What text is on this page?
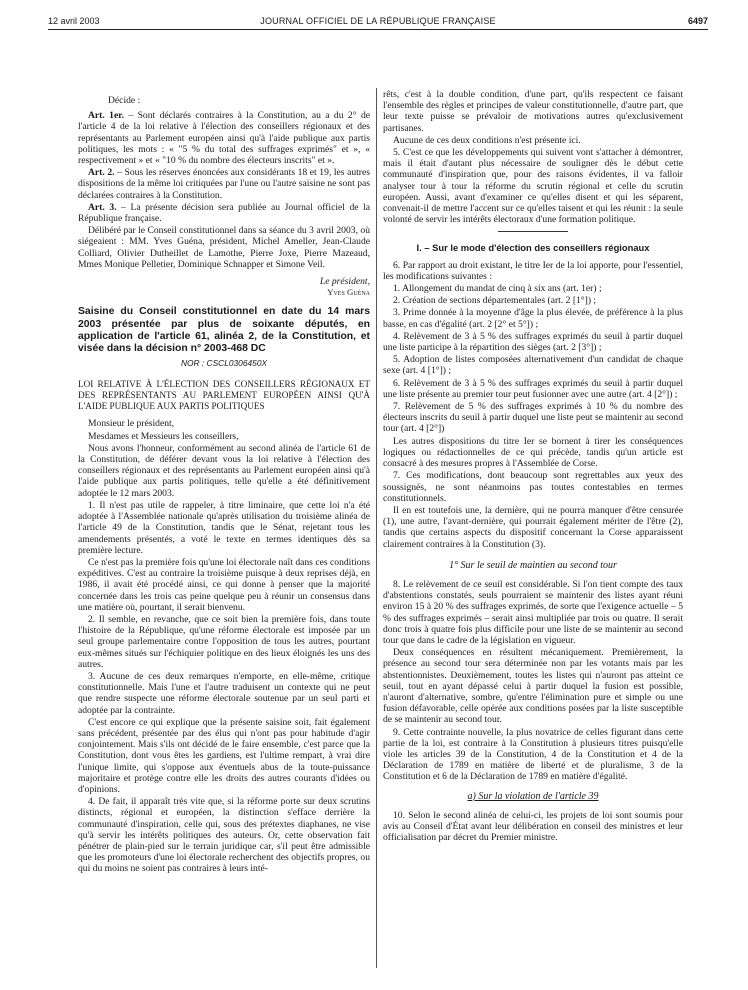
12 avril 2003	JOURNAL OFFICIEL DE LA RÉPUBLIQUE FRANÇAISE	6497

Décide :

Art. 1er. – Sont déclarés contraires à la Constitution, au a du 2° de l'article 4 de la loi relative à l'élection des conseillers régionaux et des représentants au Parlement européen ainsi qu'à l'aide publique aux partis politiques, les mots : « "5 % du total des suffrages exprimés" et », « respectivement » et « "10 % du nombre des électeurs inscrits" et ».

Art. 2. – Sous les réserves énoncées aux considérants 18 et 19, les autres dispositions de la même loi critiquées par l'une ou l'autre saisine ne sont pas déclarées contraires à la Constitution.

Art. 3. – La présente décision sera publiée au Journal officiel de la République française.

Délibéré par le Conseil constitutionnel dans sa séance du 3 avril 2003, où siégeaient : MM. Yves Guéna, président, Michel Ameller, Jean-Claude Colliard, Olivier Dutheillet de Lamothe, Pierre Joxe, Pierre Mazeaud, Mmes Monique Pelletier, Dominique Schnapper et Simone Veil.

Le président,
Yves Guéna
Saisine du Conseil constitutionnel en date du 14 mars 2003 présentée par plus de soixante députés, en application de l'article 61, alinéa 2, de la Constitution, et visée dans la décision n° 2003-468 DC
NOR : CSCL0306450X
LOI RELATIVE À L'ÉLECTION DES CONSEILLERS RÉGIONAUX ET DES REPRÉSENTANTS AU PARLEMENT EUROPÉEN AINSI QU'À L'AIDE PUBLIQUE AUX PARTIS POLITIQUES

Monsieur le président,

Mesdames et Messieurs les conseillers,

Nous avons l'honneur, conformément au second alinéa de l'article 61 de la Constitution, de déférer devant vous la loi relative à l'élection des conseillers régionaux et des représentants au Parlement européen ainsi qu'à l'aide publique aux partis politiques, telle qu'elle a été définitivement adoptée le 12 mars 2003.

1. Il n'est pas utile de rappeler, à titre liminaire, que cette loi n'a été adoptée à l'Assemblée nationale qu'après utilisation du troisième alinéa de l'article 49 de la Constitution, tandis que le Sénat, rejetant tous les amendements présentés, a voté le texte en termes identiques dès sa première lecture.

Ce n'est pas la première fois qu'une loi électorale naît dans ces conditions expéditives. C'est au contraire la troisième puisque à deux reprises déjà, en 1986, il avait été procédé ainsi, ce qui donne à penser que la majorité concernée dans les trois cas peine quelque peu à réunir un consensus dans une matière où, pourtant, il serait bienvenu.

2. Il semble, en revanche, que ce soit bien la première fois, dans toute l'histoire de la République, qu'une réforme électorale est imposée par un seul groupe parlementaire contre l'opposition de tous les autres, pourtant eux-mêmes situés sur l'échiquier politique en des lieux éloignés les uns des autres.

3. Aucune de ces deux remarques n'emporte, en elle-même, critique constitutionnelle. Mais l'une et l'autre traduisent un contexte qui ne peut que rendre suspecte une réforme électorale soutenue par un seul parti et adoptée par la contrainte.

C'est encore ce qui explique que la présente saisine soit, fait également sans précédent, présentée par des élus qui n'ont pas pour habitude d'agir conjointement. Mais s'ils ont décidé de le faire ensemble, c'est parce que la Constitution, dont vous êtes les gardiens, est l'ultime rempart, à vrai dire l'unique limite, qui s'oppose aux éventuels abus de la toute-puissance majoritaire et protège contre elle les droits des autres courants d'idées ou d'opinions.

4. De fait, il apparaît très vite que, si la réforme porte sur deux scrutins distincts, régional et européen, la distinction s'efface derrière la communauté d'inspiration, celle qui, sous des prétextes diaphanes, ne vise qu'à servir les intérêts politiques des auteurs. Or, cette observation fait pénétrer de plain-pied sur le terrain juridique car, s'il peut être admissible que les promoteurs d'une loi électorale recherchent des objectifs propres, ou qui du moins ne soient pas contraires à leurs inté-

rêts, c'est à la double condition, d'une part, qu'ils respectent ce faisant l'ensemble des règles et principes de valeur constitutionnelle, d'autre part, que leur texte puisse se prévaloir de motivations autres qu'exclusivement partisanes.

Aucune de ces deux conditions n'est présente ici.

5. C'est ce que les développements qui suivent vont s'attacher à démontrer, mais il était d'autant plus nécessaire de souligner dès le début cette communauté d'inspiration que, pour des raisons évidentes, il va falloir analyser tour à tour la réforme du scrutin régional et celle du scrutin européen. Aussi, avant d'examiner ce qu'elles disent et qui les séparent, convenait-il de mettre l'accent sur ce qu'elles taisent et qui les réunit : la seule volonté de servir les intérêts électoraux d'une formation politique.

I. – Sur le mode d'élection des conseillers régionaux

6. Par rapport au droit existant, le titre Ier de la loi apporte, pour l'essentiel, les modifications suivantes :

1. Allongement du mandat de cinq à six ans (art. 1er) ;

2. Création de sections départementales (art. 2 [1°]) ;

3. Prime donnée à la moyenne d'âge la plus élevée, de préférence à la plus basse, en cas d'égalité (art. 2 [2° et 5°]) ;

4. Relèvement de 3 à 5 % des suffrages exprimés du seuil à partir duquel une liste participe à la répartition des sièges (art. 2 [3°]) ;

5. Adoption de listes composées alternativement d'un candidat de chaque sexe (art. 4 [1°]) ;

6. Relèvement de 3 à 5 % des suffrages exprimés du seuil à partir duquel une liste présente au premier tour peut fusionner avec une autre (art. 4 [2°]) ;

7. Relèvement de 5 % des suffrages exprimés à 10 % du nombre des électeurs inscrits du seuil à partir duquel une liste peut se maintenir au second tour (art. 4 [2°])

Les autres dispositions du titre Ier se bornent à tirer les conséquences logiques ou rédactionnelles de ce qui précède, tandis qu'un article est consacré à des mesures propres à l'Assemblée de Corse.

7. Ces modifications, dont beaucoup sont regrettables aux yeux des soussignés, ne sont néanmoins pas toutes contestables en termes constitutionnels.

Il en est toutefois une, la dernière, qui ne pourra manquer d'être censurée (1), une autre, l'avant-dernière, qui pourrait également mériter de l'être (2), tandis que certains aspects du dispositif concernant la Corse apparaissent clairement contraires à la Constitution (3).

1° Sur le seuil de maintien au second tour

8. Le relèvement de ce seuil est considérable. Si l'on tient compte des taux d'abstentions constatés, seuls pourraient se maintenir des listes ayant réuni environ 15 à 20 % des suffrages exprimés, de sorte que l'exigence actuelle – 5 % des suffrages exprimés – serait ainsi multipliée par trois ou quatre. Il serait donc trois à quatre fois plus difficile pour une liste de se maintenir au second tour que dans le cadre de la législation en vigueur.

Deux conséquences en résultent mécaniquement. Premièrement, la présence au second tour sera déterminée non par les votants mais par les abstentionnistes. Deuxièmement, toutes les listes qui n'auront pas atteint ce seuil, tout en ayant dépassé celui à partir duquel la fusion est possible, n'auront d'alternative, sombre, qu'entre l'élimination pure et simple ou une fusion défavorable, celle opérée aux conditions posées par la liste susceptible de se maintenir au second tour.

9. Cette contrainte nouvelle, la plus novatrice de celles figurant dans cette partie de la loi, est contraire à la Constitution à plusieurs titres puisqu'elle viole les articles 39 de la Constitution, 4 de la Constitution et 4 de la Déclaration de 1789 en matière de liberté et de pluralisme, 3 de la Constitution et 6 de la Déclaration de 1789 en matière d'égalité.

a) Sur la violation de l'article 39

10. Selon le second alinéa de celui-ci, les projets de loi sont soumis pour avis au Conseil d'État avant leur délibération en conseil des ministres et leur officialisation par décret du Premier ministre.
